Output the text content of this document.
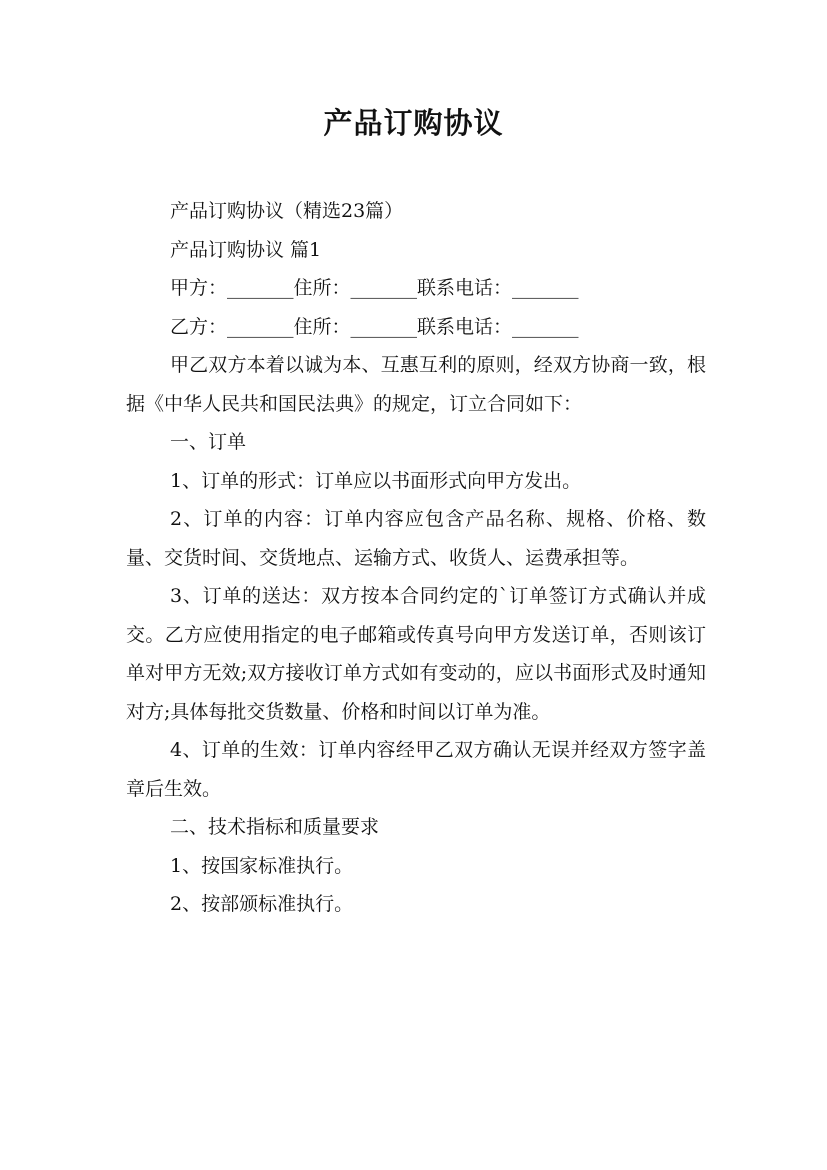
产品订购协议

产品订购协议（精选23篇）

产品订购协议 篇1

甲方：_______住所：_______联系电话：_______

乙方：_______住所：_______联系电话：_______

甲乙双方本着以诚为本、互惠互利的原则，经双方协商一致，根据《中华人民共和国民法典》的规定，订立合同如下：

一、订单

1、订单的形式：订单应以书面形式向甲方发出。

2、订单的内容：订单内容应包含产品名称、规格、价格、数量、交货时间、交货地点、运输方式、收货人、运费承担等。

3、订单的送达：双方按本合同约定的`订单签订方式确认并成交。乙方应使用指定的电子邮箱或传真号向甲方发送订单，否则该订单对甲方无效;双方接收订单方式如有变动的，应以书面形式及时通知对方;具体每批交货数量、价格和时间以订单为准。

4、订单的生效：订单内容经甲乙双方确认无误并经双方签字盖章后生效。

二、技术指标和质量要求

1、按国家标准执行。

2、按部颁标准执行。
